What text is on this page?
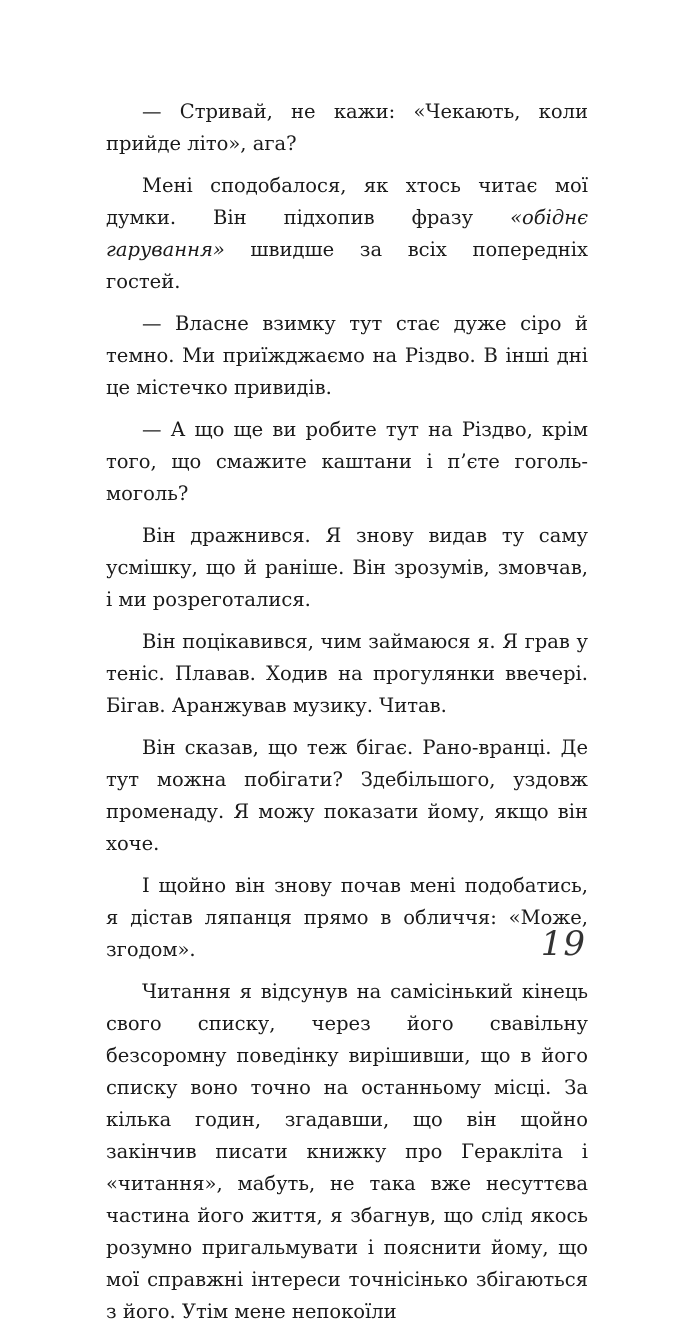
— Стривай, не кажи: «Чекають, коли прийде літо», ага?

Мені сподобалося, як хтось читає мої думки. Він підхопив фразу «обіднє гарування» швидше за всіх попередніх гостей.

— Власне взимку тут стає дуже сіро й темно. Ми приїжджаємо на Різдво. В інші дні це містечко привидів.

— А що ще ви робите тут на Різдво, крім того, що смажите каштани і п’єте гоголь-моголь?

Він дражнився. Я знову видав ту саму усмішку, що й раніше. Він зрозумів, змовчав, і ми розреготалися.

Він поцікавився, чим займаюся я. Я грав у теніс. Плавав. Ходив на прогулянки ввечері. Бігав. Аранжував музику. Читав.

Він сказав, що теж бігає. Рано-вранці. Де тут можна побігати? Здебільшого, уздовж променаду. Я можу показати йому, якщо він хоче.

І щойно він знову почав мені подобатись, я дістав ляпанця прямо в обличчя: «Може, згодом».

Читання я відсунув на самісінький кінець свого списку, через його свавільну безсоромну поведінку вирішивши, що в його списку воно точно на останньому місці. За кілька годин, згадавши, що він щойно закінчив писати книжку про Геракліта і «читання», мабуть, не така вже несуттєва частина його життя, я збагнув, що слід якось розумно пригальмувати і пояснити йому, що мої справжні інтереси точнісінько збігаються з його. Утім мене непокоїли

19
